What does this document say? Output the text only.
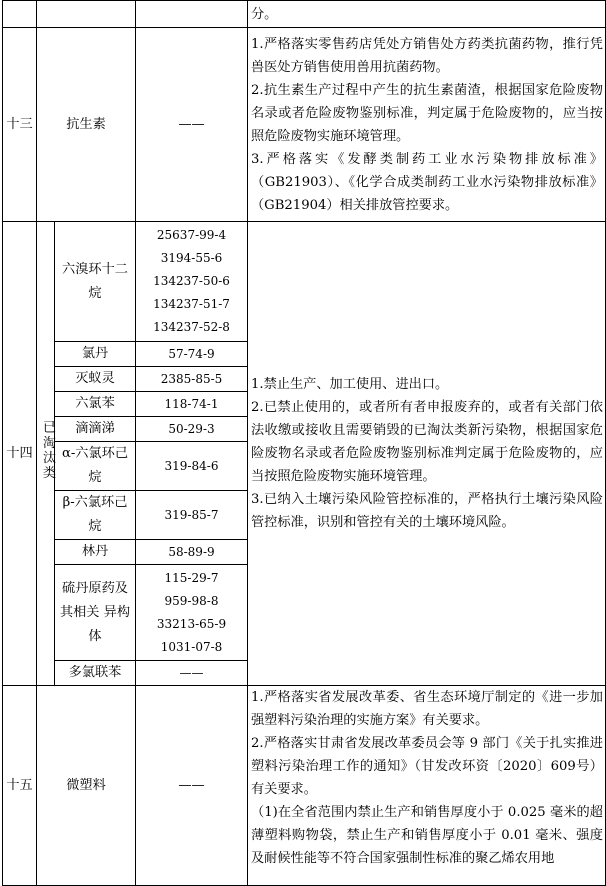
				分。

十三	抗生素		——	1.严格落实零售药店凭处方销售处方药类抗菌药物，推行凭兽医处方销售使用兽用抗菌药物。
2.抗生素生产过程中产生的抗生素菌渣，根据国家危险废物名录或者危险废物鉴别标准，判定属于危险废物的，应当按照危险废物实施环境管理。
3.严格落实《发酵类制药工业水污染物排放标准》（GB21903）、《化学合成类制药工业水污染物排放标准》（GB21904）相关排放管控要求。

十四	已淘汰类	六溴环十二烷	25637-99-4
3194-55-6
134237-50-6
134237-51-7
134237-52-8	1.禁止生产、加工使用、进出口。
2.已禁止使用的，或者所有者申报废弃的，或者有关部门依法收缴或接收且需要销毁的已淘汰类新污染物，根据国家危险废物名录或者危险废物鉴别标准判定属于危险废物的，应当按照危险废物实施环境管理。
3.已纳入土壤污染风险管控标准的，严格执行土壤污染风险管控标准，识别和管控有关的土壤环境风险。

		氯丹	57-74-9	
		灭蚁灵	2385-85-5	
		六氯苯	118-74-1	
		滴滴涕	50-29-3	
		α-六氯环己烷	319-84-6	
		β-六氯环己烷	319-85-7	
		林丹	58-89-9	
		硫丹原药及其相关 异构体	115-29-7
959-98-8
33213-65-9
1031-07-8	

		多氯联苯	——	
十五	微塑料		——	1.严格落实省发展改革委、省生态环境厅制定的《进一步加强塑料污染治理的实施方案》有关要求。
2.严格落实甘肃省发展改革委员会等 9 部门《关于扎实推进塑料污染治理工作的通知》（甘发改环资〔2020〕609号）有关要求。
（1)在全省范围内禁止生产和销售厚度小于 0.025 毫米的超薄塑料购物袋，禁止生产和销售厚度小于 0.01 毫米、强度及耐候性能等不符合国家强制性标准的聚乙烯农用地
